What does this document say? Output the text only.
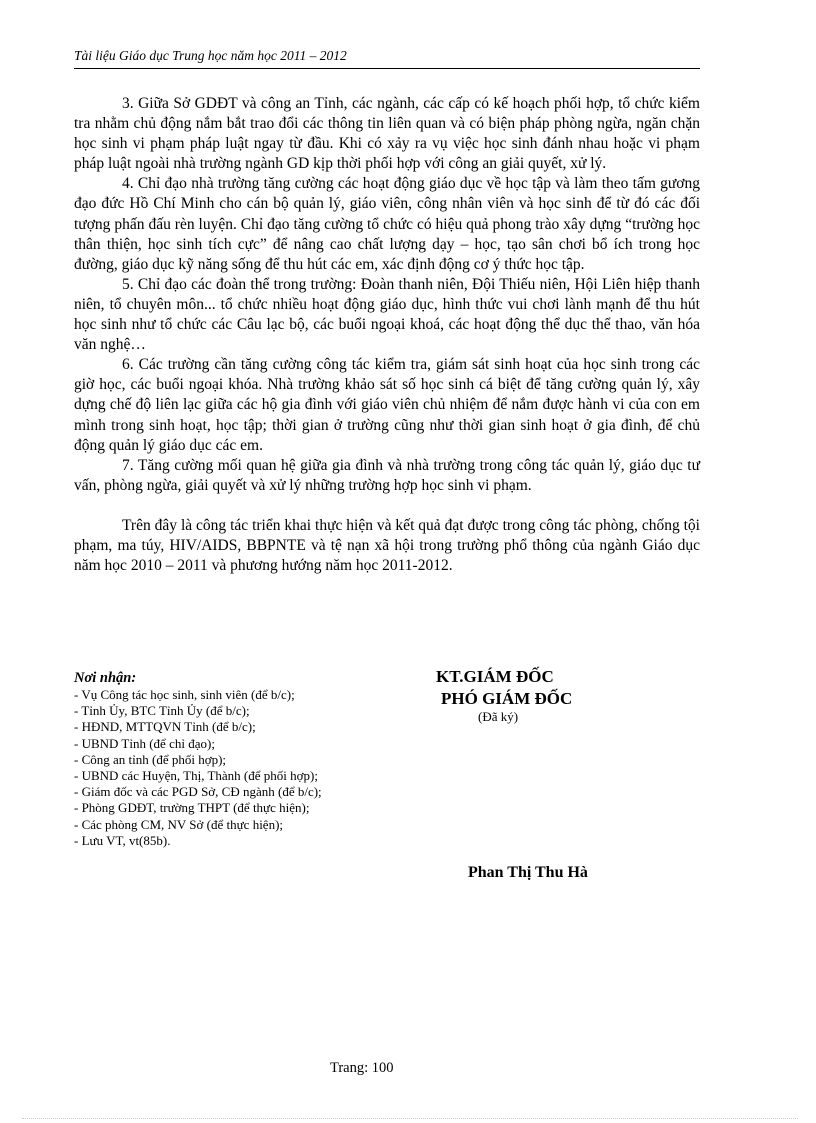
Tài liệu Giáo dục Trung học năm học 2011 – 2012

3. Giữa Sở GDĐT và công an Tỉnh, các ngành, các cấp có kế hoạch phối hợp, tổ chức kiểm tra nhằm chủ động nắm bắt trao đổi các thông tin liên quan và có biện pháp phòng ngừa, ngăn chặn học sinh vi phạm pháp luật ngay từ đầu. Khi có xảy ra vụ việc học sinh đánh nhau hoặc vi phạm pháp luật ngoài nhà trường ngành GD kịp thời phối hợp với công an giải quyết, xử lý.

4. Chỉ đạo nhà trường tăng cường các hoạt động giáo dục về học tập và làm theo tấm gương đạo đức Hồ Chí Minh cho cán bộ quản lý, giáo viên, công nhân viên và học sinh để từ đó các đối tượng phấn đấu rèn luyện. Chỉ đạo tăng cường tổ chức có hiệu quả phong trào xây dựng “trường học thân thiện, học sinh tích cực” để nâng cao chất lượng dạy – học, tạo sân chơi bổ ích trong học đường, giáo dục kỹ năng sống để thu hút các em, xác định động cơ ý thức học tập.

5. Chỉ đạo các đoàn thể trong trường: Đoàn thanh niên, Đội Thiếu niên, Hội Liên hiệp thanh niên, tổ chuyên môn... tổ chức nhiều hoạt động giáo dục, hình thức vui chơi lành mạnh để thu hút học sinh như tổ chức các Câu lạc bộ, các buổi ngoại khoá, các hoạt động thể dục thể thao, văn hóa văn nghệ…

6. Các trường cần tăng cường công tác kiểm tra, giám sát sinh hoạt của học sinh trong các giờ học, các buổi ngoại khóa. Nhà trường khảo sát số học sinh cá biệt để tăng cường quản lý, xây dựng chế độ liên lạc giữa các hộ gia đình với giáo viên chủ nhiệm để nắm được hành vi của con em mình trong sinh hoạt, học tập; thời gian ở trường cũng như thời gian sinh hoạt ở gia đình, để chủ động quản lý giáo dục các em.

7. Tăng cường mối quan hệ giữa gia đình và nhà trường trong công tác quản lý, giáo dục tư vấn, phòng ngừa, giải quyết và xử lý những trường hợp học sinh vi phạm.

Trên đây là công tác triển khai thực hiện và kết quả đạt được trong công tác phòng, chống tội phạm, ma túy, HIV/AIDS, BBPNTE và tệ nạn xã hội trong trường phổ thông của ngành Giáo dục năm học 2010 – 2011 và phương hướng năm học 2011-2012.

Nơi nhận:
- Vụ Công tác học sinh, sinh viên (để b/c);
- Tỉnh Ủy, BTC Tỉnh Ủy (để b/c);
- HĐND, MTTQVN Tỉnh (để b/c);
- UBND Tỉnh (để chỉ đạo);
- Công an tỉnh (để phối hợp);
- UBND các Huyện, Thị, Thành (để phối hợp);
- Giám đốc và các PGD Sở, CĐ ngành (để b/c);
- Phòng GDĐT, trường THPT (để thực hiện);
- Các phòng CM, NV Sở (để thực hiện);
- Lưu VT, vt(85b).
KT.GIÁM ĐỐC
PHÓ GIÁM ĐỐC
(Đã ký)
Phan Thị Thu Hà
Trang: 100
